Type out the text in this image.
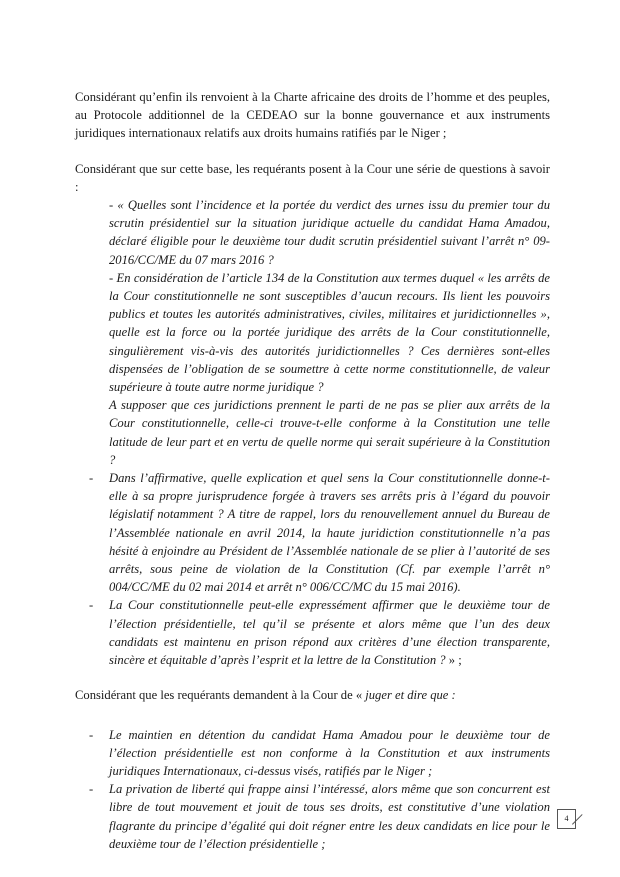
Considérant qu’enfin ils renvoient à la Charte africaine des droits de l’homme et des peuples, au Protocole additionnel de la CEDEAO sur la bonne gouvernance et aux instruments juridiques internationaux relatifs aux droits humains ratifiés par le Niger ;

Considérant que sur cette base, les requérants posent à la Cour une série de questions à savoir :

- « Quelles sont l’incidence et la portée du verdict des urnes issu du premier tour du scrutin présidentiel sur la situation juridique actuelle du candidat Hama Amadou, déclaré éligible pour le deuxième tour dudit scrutin présidentiel suivant l’arrêt n° 09-2016/CC/ME du 07 mars 2016 ?

- En considération de l’article 134 de la Constitution aux termes duquel « les arrêts de la Cour constitutionnelle ne sont susceptibles d’aucun recours. Ils lient les pouvoirs publics et toutes les autorités administratives, civiles, militaires et juridictionnelles », quelle est la force ou la portée juridique des arrêts de la Cour constitutionnelle, singulièrement vis-à-vis des autorités juridictionnelles ? Ces dernières sont-elles dispensées de l’obligation de se soumettre à cette norme constitutionnelle, de valeur supérieure à toute autre norme juridique ?

A supposer que ces juridictions prennent le parti de ne pas se plier aux arrêts de la Cour constitutionnelle, celle-ci trouve-t-elle conforme à la Constitution une telle latitude de leur part et en vertu de quelle norme qui serait supérieure à la Constitution ?

- Dans l’affirmative, quelle explication et quel sens la Cour constitutionnelle donne-t-elle à sa propre jurisprudence forgée à travers ses arrêts pris à l’égard du pouvoir législatif notamment ? A titre de rappel, lors du renouvellement annuel du Bureau de l’Assemblée nationale en avril 2014, la haute juridiction constitutionnelle n’a pas hésité à enjoindre au Président de l’Assemblée nationale de se plier à l’autorité de ses arrêts, sous peine de violation de la Constitution (Cf. par exemple l’arrêt n° 004/CC/ME du 02 mai 2014 et arrêt n° 006/CC/MC du 15 mai 2016).

- La Cour constitutionnelle peut-elle expressément affirmer que le deuxième tour de l’élection présidentielle, tel qu’il se présente et alors même que l’un des deux candidats est maintenu en prison répond aux critères d’une élection transparente, sincère et équitable d’après l’esprit et la lettre de la Constitution ? » ;

Considérant que les requérants demandent à la Cour de « juger et dire que :

- Le maintien en détention du candidat Hama Amadou pour le deuxième tour de l’élection présidentielle est non conforme à la Constitution et aux instruments juridiques Internationaux, ci-dessus visés, ratifiés par le Niger ;

- La privation de liberté qui frappe ainsi l’intéressé, alors même que son concurrent est libre de tout mouvement et jouit de tous ses droits, est constitutive d’une violation flagrante du principe d’égalité qui doit régner entre les deux candidats en lice pour le deuxième tour de l’élection présidentielle ;

4
